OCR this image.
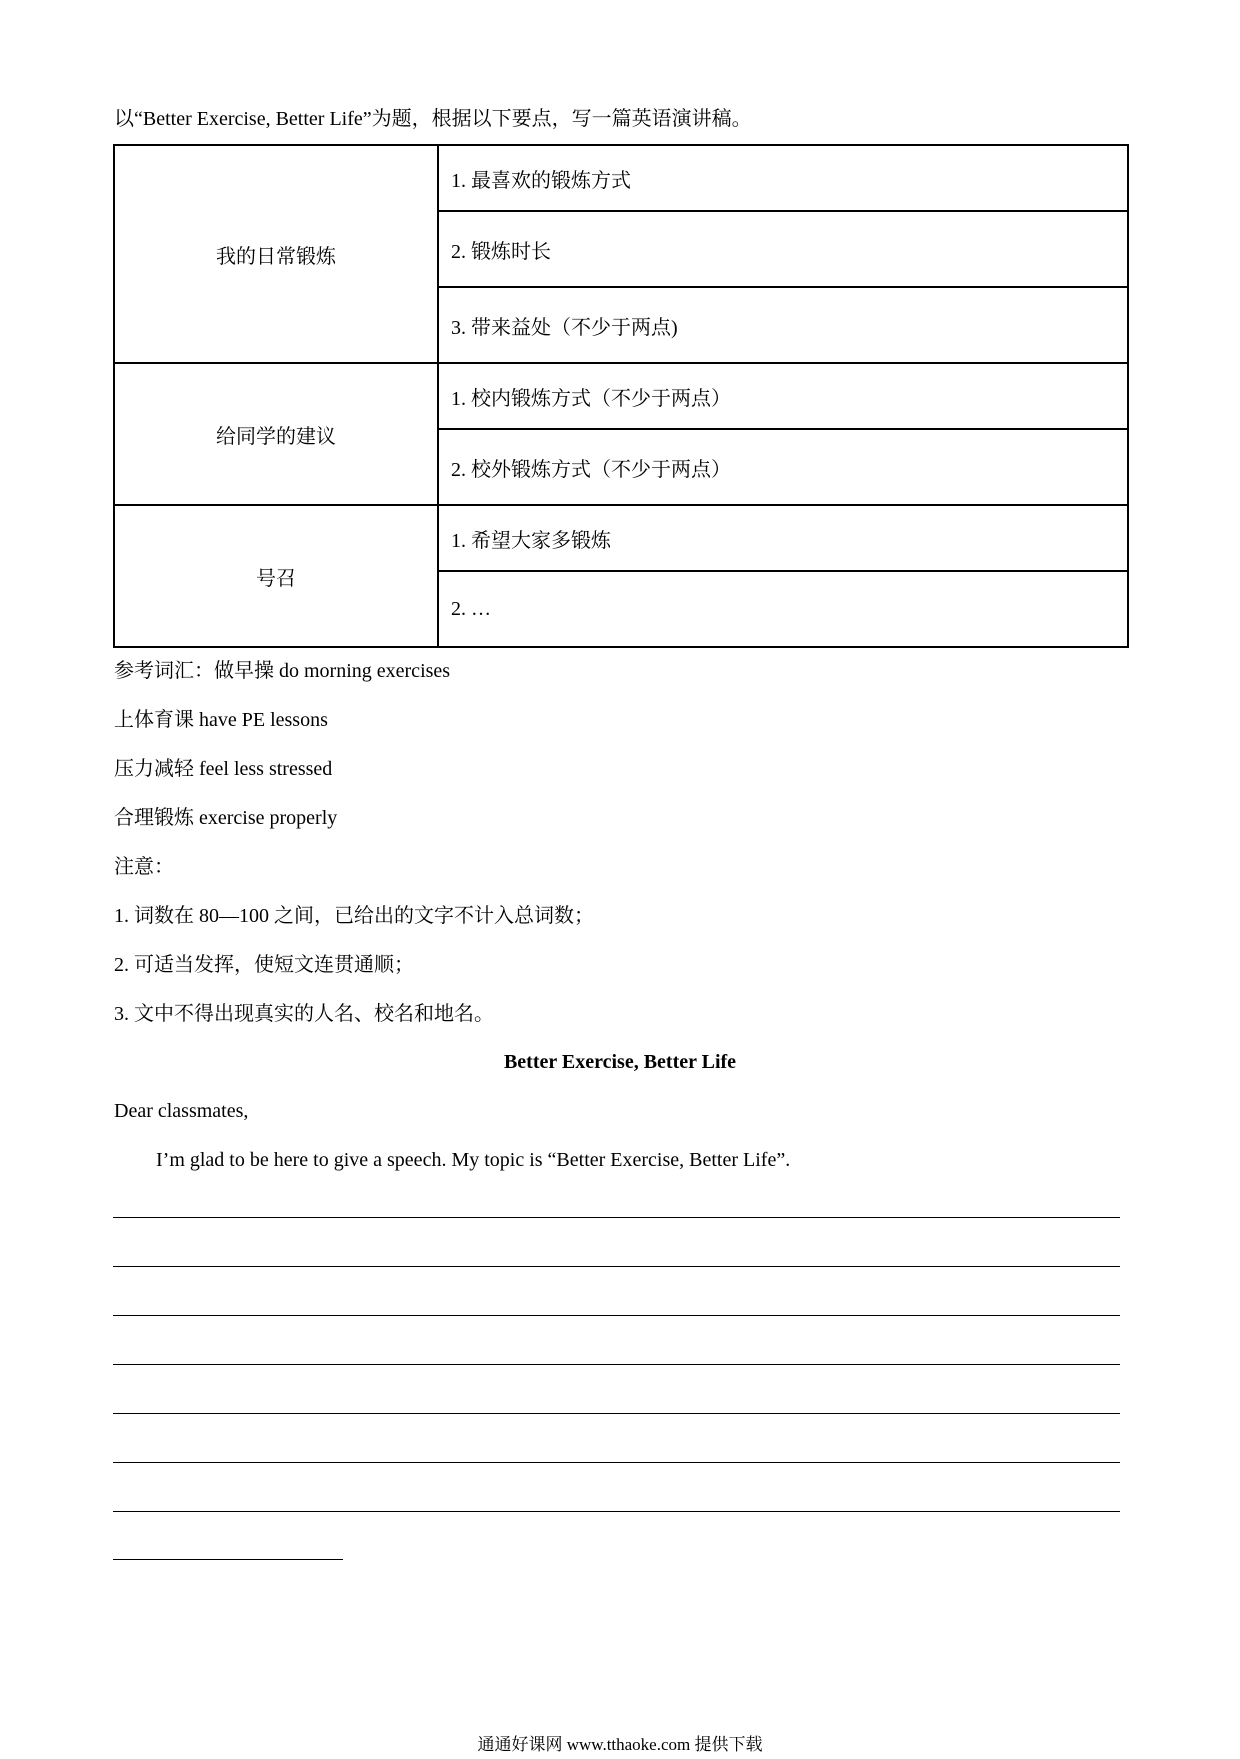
以“Better Exercise, Better Life”为题，根据以下要点，写一篇英语演讲稿。
我的日常锻炼	1. 最喜欢的锻炼方式
	2. 锻炼时长
	3. 带来益处（不少于两点)
给同学的建议	1. 校内锻炼方式（不少于两点）
	2. 校外锻炼方式（不少于两点）
号召	1. 希望大家多锻炼
	2. …
参考词汇：做早操 do morning exercises
上体育课 have PE lessons
压力减轻 feel less stressed
合理锻炼 exercise properly
注意：
1. 词数在 80—100 之间，已给出的文字不计入总词数；
2. 可适当发挥，使短文连贯通顺；
3. 文中不得出现真实的人名、校名和地名。
Better Exercise, Better Life
Dear classmates,
I’m glad to be here to give a speech. My topic is “Better Exercise, Better Life”.
通通好课网 www.tthaoke.com 提供下载
